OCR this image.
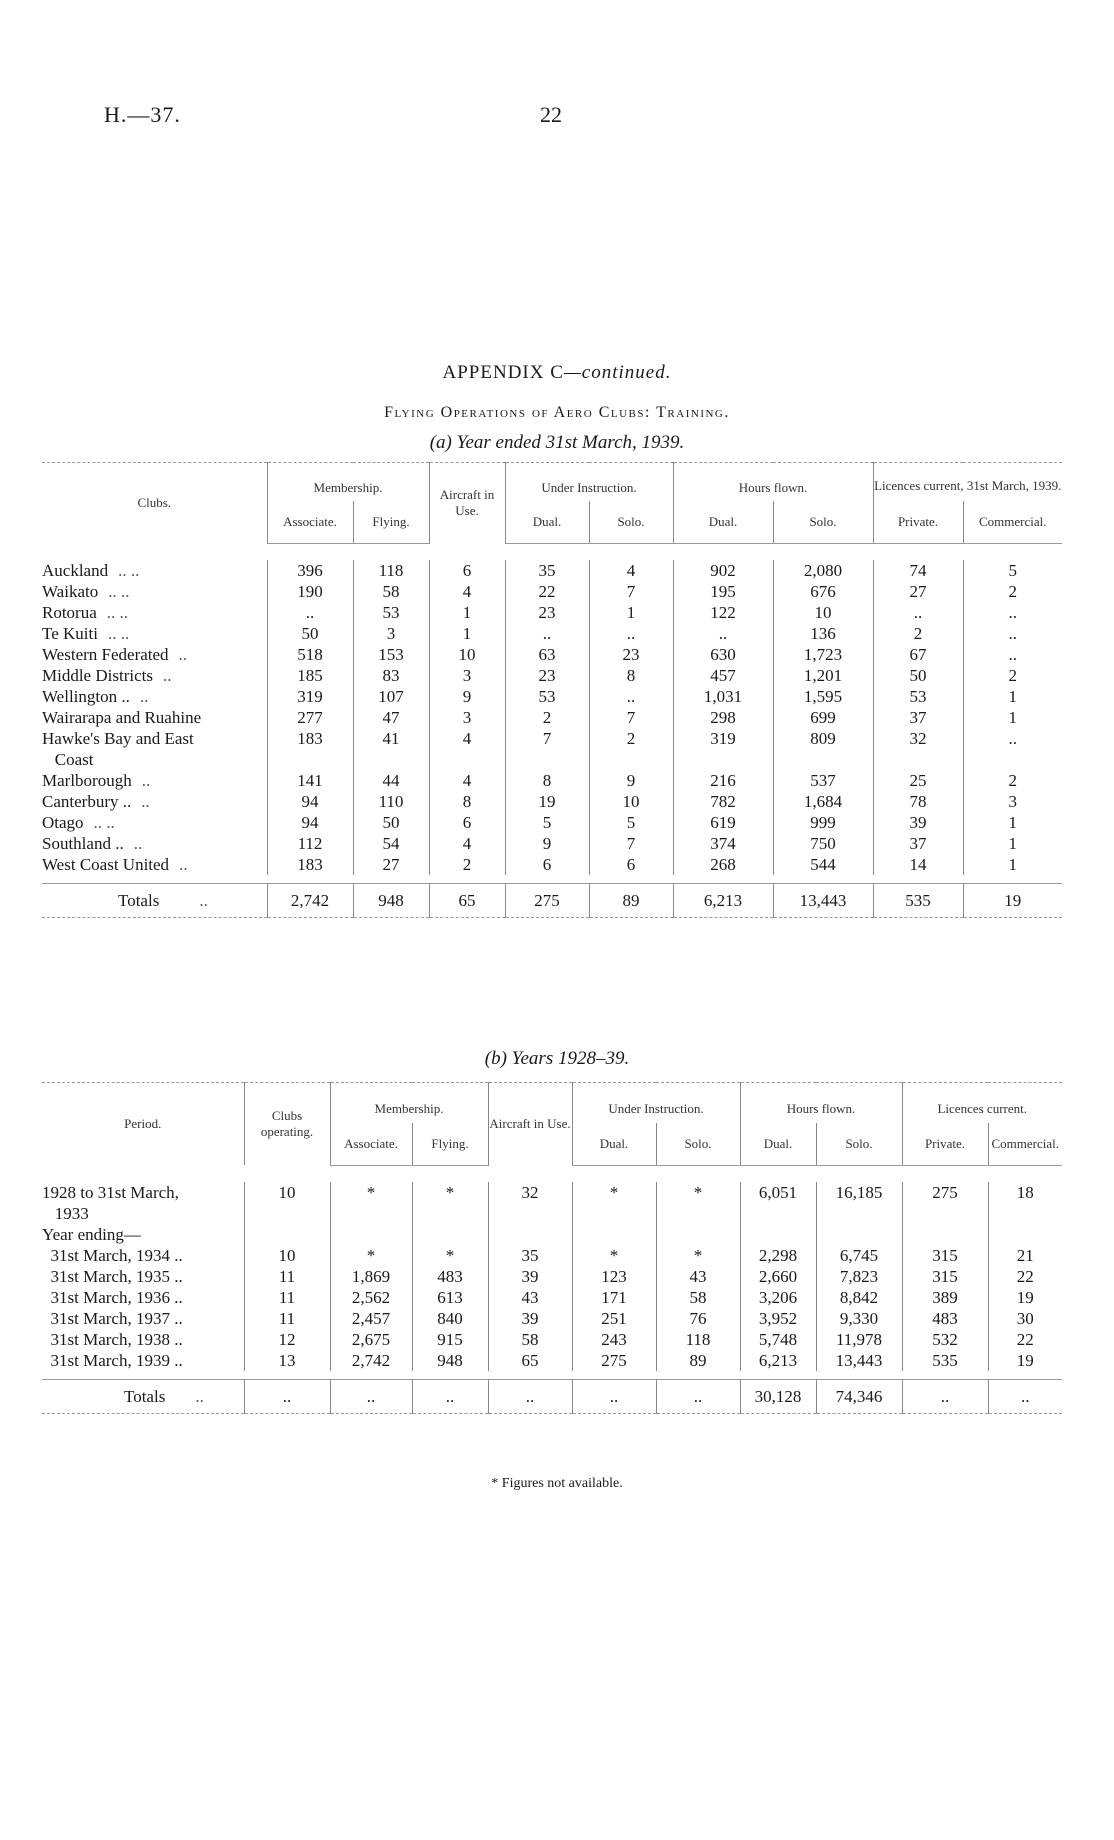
H.—37.	22
APPENDIX C—continued.
Flying Operations of Aero Clubs: Training.
(a) Year ended 31st March, 1939.
Clubs.	Membership.		Aircraft in Use.	Under Instruction.		Hours flown.		Licences current, 31st March, 1939.	
	Associate.	Flying.		Dual.	Solo.	Dual.	Solo.	Private.	Commercial.

Auckland .. ..	396	118	6	35	4	902	2,080	74	5
Waikato .. ..	190	58	4	22	7	195	676	27	2
Rotorua .. ..	..	53	1	23	1	122	10	..	..
Te Kuiti .. ..	50	3	1	..	..	..	136	2	..
Western Federated ..	518	153	10	63	23	630	1,723	67	..
Middle Districts ..	185	83	3	23	8	457	1,201	50	2
Wellington .. ..	319	107	9	53	..	1,031	1,595	53	1
Wairarapa and Ruahine	277	47	3	2	7	298	699	37	1
Hawke's Bay and East	183	41	4	7	2	319	809	32	..
Coast									
Marlborough ..	141	44	4	8	9	216	537	25	2
Canterbury .. ..	94	110	8	19	10	782	1,684	78	3
Otago .. ..	94	50	6	5	5	619	999	39	1
Southland .. ..	112	54	4	9	7	374	750	37	1
West Coast United ..	183	27	2	6	6	268	544	14	1

Totals ..	2,742	948	65	275	89	6,213	13,443	535	19
(b) Years 1928–39.
Period.	Clubs operating.	Membership.		Aircraft in Use.	Under Instruction.		Hours flown.		Licences current.	
		Associate.	Flying.		Dual.	Solo.	Dual.	Solo.	Private.	Commercial.

1928 to 31st March,	10	*	*	32	*	*	6,051	16,185	275	18
1933										
Year ending—										
31st March, 1934 ..	10	*	*	35	*	*	2,298	6,745	315	21
31st March, 1935 ..	11	1,869	483	39	123	43	2,660	7,823	315	22
31st March, 1936 ..	11	2,562	613	43	171	58	3,206	8,842	389	19
31st March, 1937 ..	11	2,457	840	39	251	76	3,952	9,330	483	30
31st March, 1938 ..	12	2,675	915	58	243	118	5,748	11,978	532	22
31st March, 1939 ..	13	2,742	948	65	275	89	6,213	13,443	535	19

Totals ..	..	..	..	..	..	..	30,128	74,346	..	..
* Figures not available.
